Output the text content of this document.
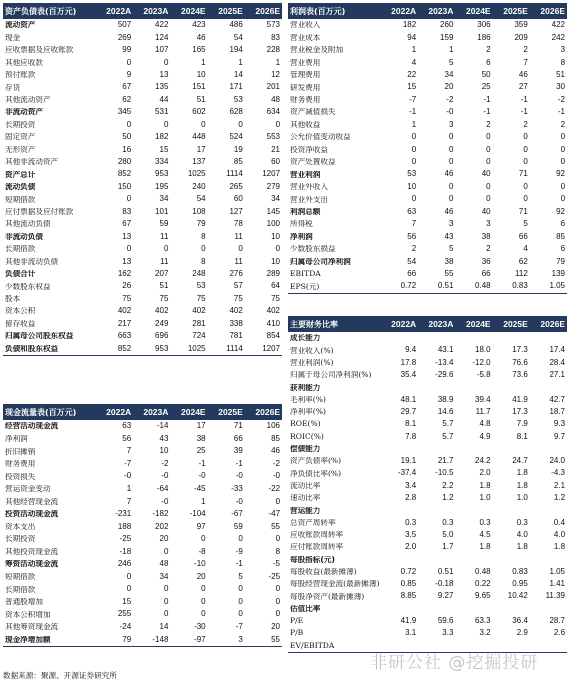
资产负债表(百万元)	2022A	2023A	2024E	2025E	2026E
流动资产	507	422	423	486	573
现金	269	124	46	54	83
应收票据及应收账款	99	107	165	194	228
其他应收款	0	0	1	1	1
预付账款	9	13	10	14	12
存货	67	135	151	171	201
其他流动资产	62	44	51	53	48
非流动资产	345	531	602	628	634
长期投资	0	0	0	0	0
固定资产	50	182	448	524	553
无形资产	16	15	17	19	21
其他非流动资产	280	334	137	85	60
资产总计	852	953	1025	1114	1207
流动负债	150	195	240	265	279
短期借款	0	34	54	60	34
应付票据及应付账款	83	101	108	127	145
其他流动负债	67	59	79	78	100
非流动负债	13	11	8	11	10
长期借款	0	0	0	0	0
其他非流动负债	13	11	8	11	10
负债合计	162	207	248	276	289
少数股东权益	26	51	53	57	64
股本	75	75	75	75	75
资本公积	402	402	402	402	402
留存收益	217	249	281	338	410
归属母公司股东权益	663	696	724	781	854
负债和股东权益	852	953	1025	1114	1207
利润表(百万元)	2022A	2023A	2024E	2025E	2026E
营业收入	182	260	306	359	422
营业成本	94	159	186	209	242
营业税金及附加	1	1	2	2	3
营业费用	4	5	6	7	8
管理费用	22	34	50	46	51
研发费用	15	20	25	27	30
财务费用	-7	-2	-1	-1	-2
资产减值损失	-1	-0	-1	-1	-1
其他收益	1	3	2	2	2
公允价值变动收益	0	0	0	0	0
投资净收益	0	0	0	0	0
资产处置收益	0	0	0	0	0
营业利润	53	46	40	71	92
营业外收入	10	0	0	0	0
营业外支出	0	0	0	0	0
利润总额	63	46	40	71	92
所得税	7	3	3	5	6
净利润	56	43	38	66	85
少数股东损益	2	5	2	4	6
归属母公司净利润	54	38	36	62	79
EBITDA	66	55	66	112	139
EPS(元)	0.72	0.51	0.48	0.83	1.05
现金流量表(百万元)	2022A	2023A	2024E	2025E	2026E
经营活动现金流	63	-14	17	71	106
净利润	56	43	38	66	85
折旧摊销	7	10	25	39	46
财务费用	-7	-2	-1	-1	-2
投资损失	-0	-0	-0	-0	-0
营运资金变动	1	-64	-45	-33	-22
其他经营现金流	7	-0	1	-0	0
投资活动现金流	-231	-182	-104	-67	-47
资本支出	188	202	97	59	55
长期投资	-25	20	0	0	0
其他投资现金流	-18	0	-8	-9	8
筹资活动现金流	246	48	-10	-1	-5
短期借款	0	34	20	5	-25
长期借款	0	0	0	0	0
普通股增加	15	0	0	0	0
资本公积增加	255	0	0	0	0
其他筹资现金流	-24	14	-30	-7	20
现金净增加额	79	-148	-97	3	55
主要财务比率	2022A	2023A	2024E	2025E	2026E
成长能力
营业收入(%)	9.4	43.1	18.0	17.3	17.4
营业利润(%)	17.8	-13.4	-12.0	76.6	28.4
归属于母公司净利润(%)	35.4	-29.6	-5.8	73.6	27.1
获利能力
毛利率(%)	48.1	38.9	39.4	41.9	42.7
净利率(%)	29.7	14.6	11.7	17.3	18.7
ROE(%)	8.1	5.7	4.8	7.9	9.3
ROIC(%)	7.8	5.7	4.9	8.1	9.7
偿债能力
资产负债率(%)	19.1	21.7	24.2	24.7	24.0
净负债比率(%)	-37.4	-10.5	2.0	1.8	-4.3
流动比率	3.4	2.2	1.8	1.8	2.1
速动比率	2.8	1.2	1.0	1.0	1.2
营运能力
总资产周转率	0.3	0.3	0.3	0.3	0.4
应收账款周转率	3.5	5.0	4.5	4.0	4.0
应付账款周转率	2.0	1.7	1.8	1.8	1.8
每股指标(元)
每股收益(最新摊薄)	0.72	0.51	0.48	0.83	1.05
每股经营现金流(最新摊薄)	0.85	-0.18	0.22	0.95	1.41
每股净资产(最新摊薄)	8.85	9.27	9.65	10.42	11.39
估值比率
P/E	41.9	59.6	63.3	36.4	28.7
P/B	3.1	3.3	3.2	2.9	2.6
EV/EBITDA
数据来源：聚源、开源证券研究所
非研公社 @挖掘投研
